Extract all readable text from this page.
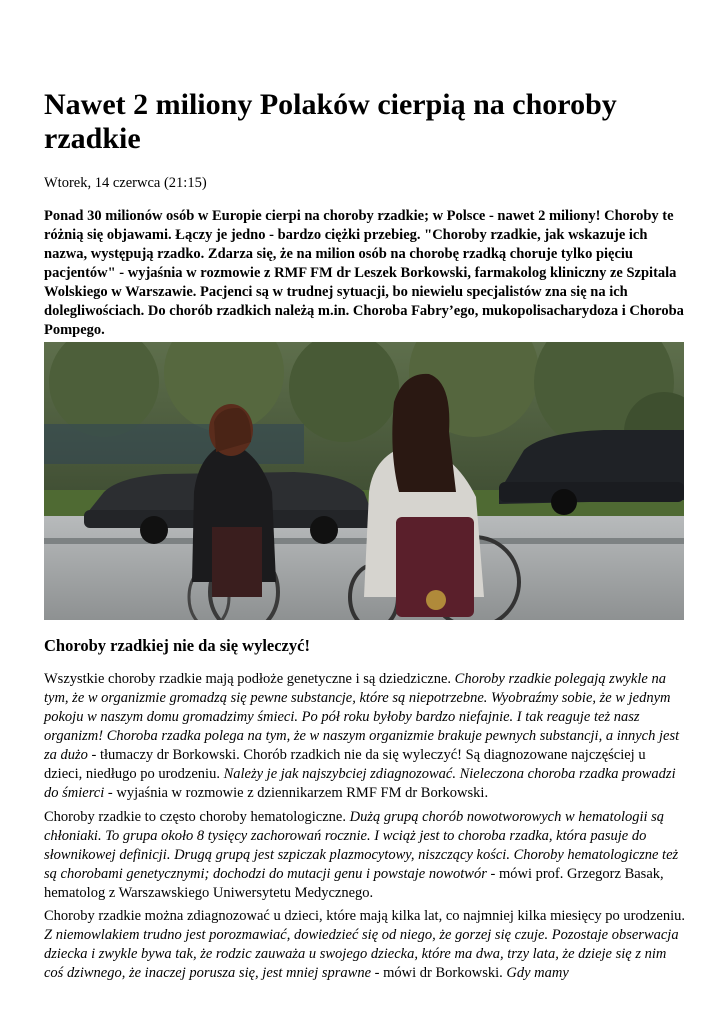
Nawet 2 miliony Polaków cierpią na choroby rzadkie
Wtorek, 14 czerwca (21:15)

Ponad 30 milionów osób w Europie cierpi na choroby rzadkie; w Polsce - nawet 2 miliony! Choroby te różnią się objawami. Łączy je jedno - bardzo ciężki przebieg. "Choroby rzadkie, jak wskazuje ich nazwa, występują rzadko. Zdarza się, że na milion osób na chorobę rzadką choruje tylko pięciu pacjentów" - wyjaśnia w rozmowie z RMF FM dr Leszek Borkowski, farmakolog kliniczny ze Szpitala Wolskiego w Warszawie. Pacjenci są w trudnej sytuacji, bo niewielu specjalistów zna się na ich dolegliwościach. Do chorób rzadkich należą m.in. Choroba Fabry’ego, mukopolisacharydoza i Choroba Pompego.

Choroby rzadkiej nie da się wyleczyć!

Wszystkie choroby rzadkie mają podłoże genetyczne i są dziedziczne. Choroby rzadkie polegają zwykle na tym, że w organizmie gromadzą się pewne substancje, które są niepotrzebne. Wyobraźmy sobie, że w jednym pokoju w naszym domu gromadzimy śmieci. Po pół roku byłoby bardzo niefajnie. I tak reaguje też nasz organizm! Choroba rzadka polega na tym, że w naszym organizmie brakuje pewnych substancji, a innych jest za dużo - tłumaczy dr Borkowski. Chorób rzadkich nie da się wyleczyć! Są diagnozowane najczęściej u dzieci, niedługo po urodzeniu. Należy je jak najszybciej zdiagnozować. Nieleczona choroba rzadka prowadzi do śmierci - wyjaśnia w rozmowie z dziennikarzem RMF FM dr Borkowski.

Choroby rzadkie to często choroby hematologiczne. Dużą grupą chorób nowotworowych w hematologii są chłoniaki. To grupa około 8 tysięcy zachorowań rocznie. I wciąż jest to choroba rzadka, która pasuje do słownikowej definicji. Drugą grupą jest szpiczak plazmocytowy, niszczący kości. Choroby hematologiczne też są chorobami genetycznymi; dochodzi do mutacji genu i powstaje nowotwór - mówi prof. Grzegorz Basak, hematolog z Warszawskiego Uniwersytetu Medycznego.

Choroby rzadkie można zdiagnozować u dzieci, które mają kilka lat, co najmniej kilka miesięcy po urodzeniu. Z niemowlakiem trudno jest porozmawiać, dowiedzieć się od niego, że gorzej się czuje. Pozostaje obserwacja dziecka i zwykle bywa tak, że rodzic zauważa u swojego dziecka, które ma dwa, trzy lata, że dzieje się z nim coś dziwnego, że inaczej porusza się, jest mniej sprawne - mówi dr Borkowski. Gdy mamy
